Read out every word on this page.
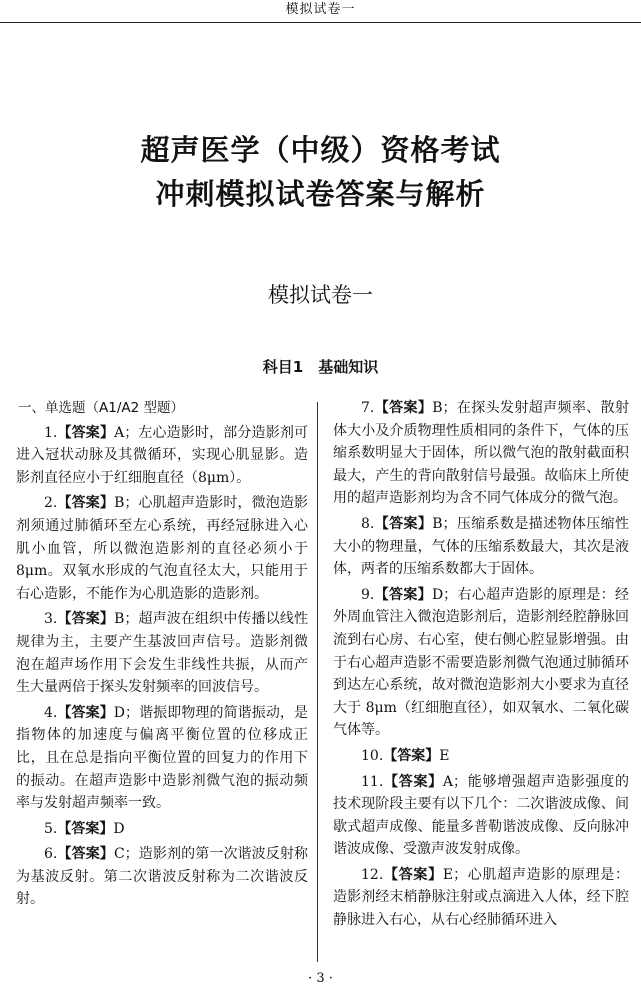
模拟试卷一
超声医学（中级）资格考试
冲刺模拟试卷答案与解析
模拟试卷一
科目1　基础知识
一、单选题（A1/A2 型题）
1.【答案】A；左心造影时，部分造影剂可进入冠状动脉及其微循环，实现心肌显影。造影剂直径应小于红细胞直径（8μm）。
2.【答案】B；心肌超声造影时，微泡造影剂须通过肺循环至左心系统，再经冠脉进入心肌小血管，所以微泡造影剂的直径必须小于 8μm。双氧水形成的气泡直径太大，只能用于右心造影，不能作为心肌造影的造影剂。
3.【答案】B；超声波在组织中传播以线性规律为主，主要产生基波回声信号。造影剂微泡在超声场作用下会发生非线性共振，从而产生大量两倍于探头发射频率的回波信号。
4.【答案】D；谐振即物理的简谐振动，是指物体的加速度与偏离平衡位置的位移成正比，且在总是指向平衡位置的回复力的作用下的振动。在超声造影中造影剂微气泡的振动频率与发射超声频率一致。
5.【答案】D
6.【答案】C；造影剂的第一次谐波反射称为基波反射。第二次谐波反射称为二次谐波反射。
7.【答案】B；在探头发射超声频率、散射体大小及介质物理性质相同的条件下，气体的压缩系数明显大于固体，所以微气泡的散射截面积最大，产生的背向散射信号最强。故临床上所使用的超声造影剂均为含不同气体成分的微气泡。
8.【答案】B；压缩系数是描述物体压缩性大小的物理量，气体的压缩系数最大，其次是液体，两者的压缩系数都大于固体。
9.【答案】D；右心超声造影的原理是：经外周血管注入微泡造影剂后，造影剂经腔静脉回流到右心房、右心室，使右侧心腔显影增强。由于右心超声造影不需要造影剂微气泡通过肺循环到达左心系统，故对微泡造影剂大小要求为直径大于 8μm（红细胞直径），如双氧水、二氧化碳气体等。
10.【答案】E
11.【答案】A；能够增强超声造影强度的技术现阶段主要有以下几个：二次谐波成像、间歇式超声成像、能量多普勒谐波成像、反向脉冲谐波成像、受激声波发射成像。
12.【答案】E；心肌超声造影的原理是：造影剂经末梢静脉注射或点滴进入人体，经下腔静脉进入右心，从右心经肺循环进入
· 3 ·
